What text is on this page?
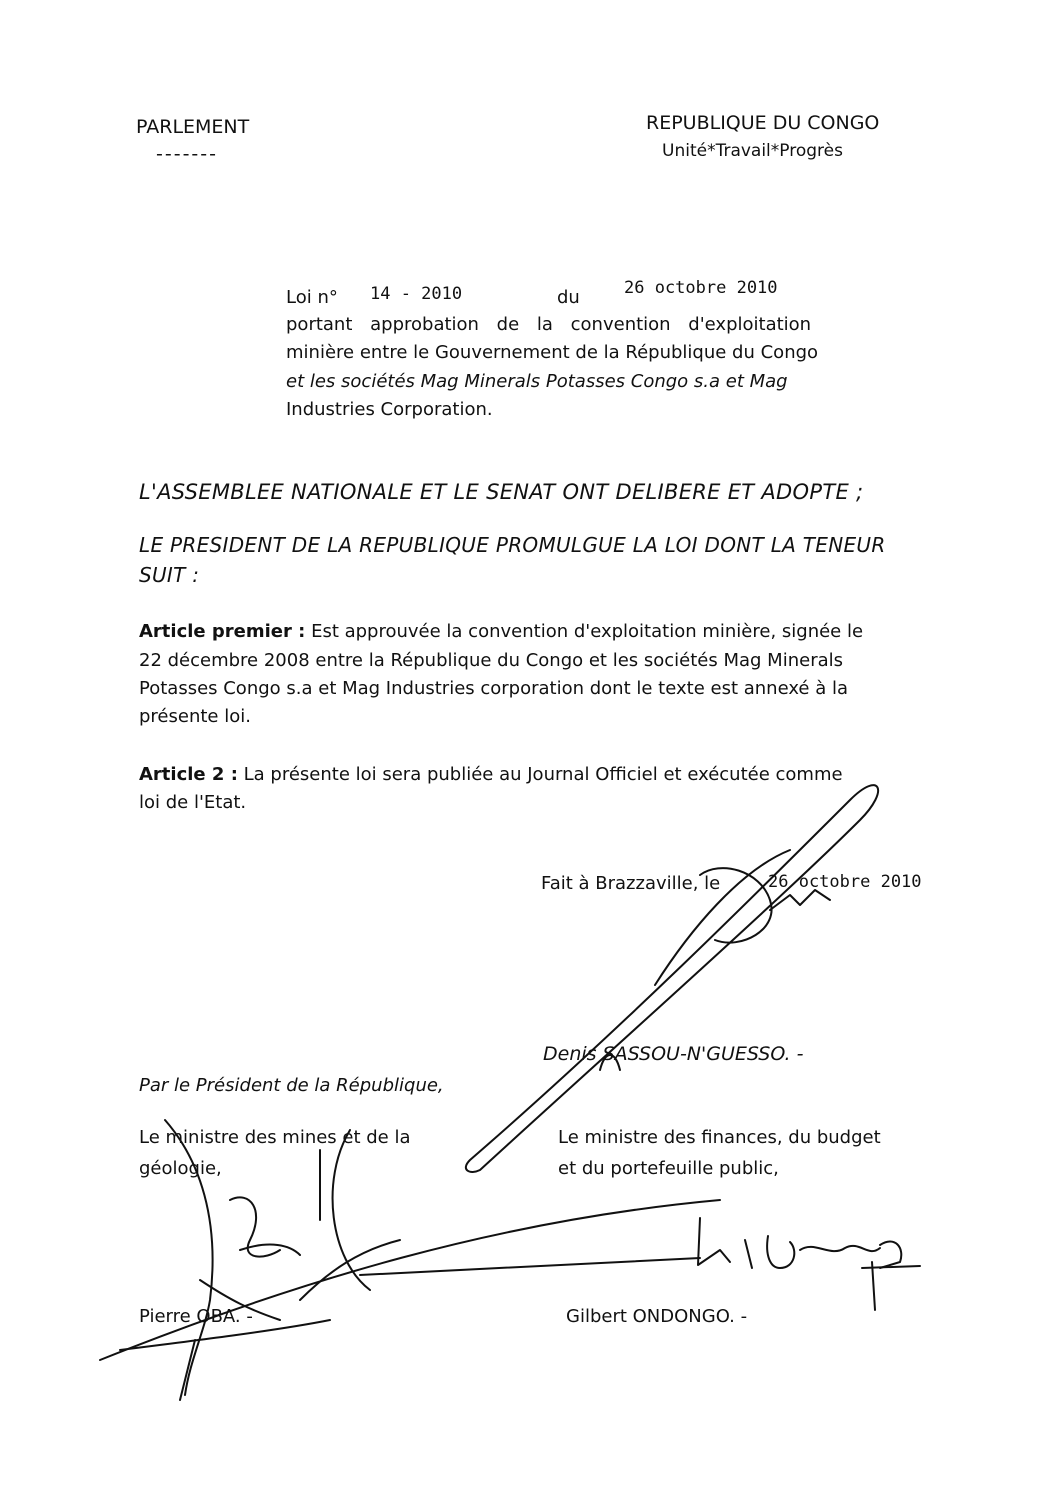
PARLEMENT
-------
REPUBLIQUE DU CONGO
Unité*Travail*Progrès
Loi n° 14 - 2010	du	26 octobre 2010
portant approbation de la convention d'exploitation
minière entre le Gouvernement de la République du Congo
et les sociétés Mag Minerals Potasses Congo s.a et Mag
Industries Corporation.
L'ASSEMBLEE NATIONALE ET LE SENAT ONT DELIBERE ET ADOPTE ;
LE PRESIDENT DE LA REPUBLIQUE PROMULGUE LA LOI DONT LA TENEUR
SUIT :
Article premier : Est approuvée la convention d'exploitation minière, signée le
22 décembre 2008 entre la République du Congo et les sociétés Mag Minerals
Potasses Congo s.a et Mag Industries corporation dont le texte est annexé à la
présente loi.
Article 2 : La présente loi sera publiée au Journal Officiel et exécutée comme
loi de l'Etat.
Fait à Brazzaville, le	26 octobre 2010
Denis SASSOU-N'GUESSO. -
Par le Président de la République,
Le ministre des mines et de la
géologie,
Pierre OBA. -
Le ministre des finances, du budget
et du portefeuille public,
Gilbert ONDONGO. -
